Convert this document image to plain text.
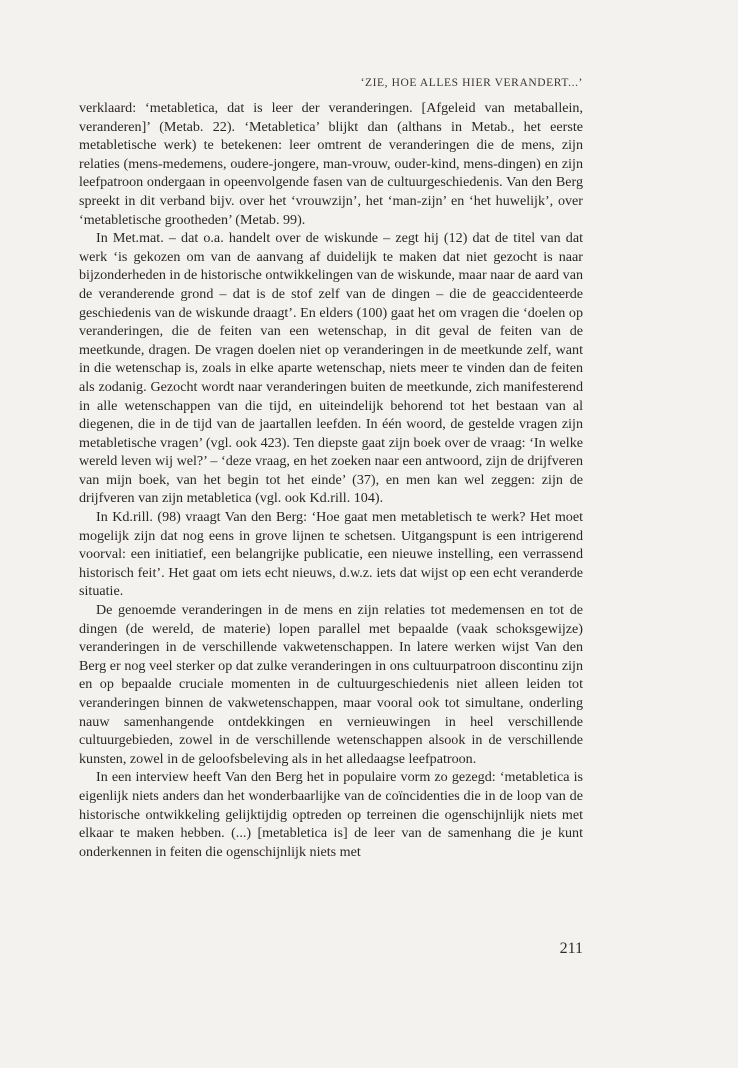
‘ZIE, HOE ALLES HIER VERANDERT...’

verklaard: ‘metabletica, dat is leer der veranderingen. [Afgeleid van metaballein, veranderen]’ (Metab. 22). ‘Metabletica’ blijkt dan (althans in Metab., het eerste metabletische werk) te betekenen: leer omtrent de veranderingen die de mens, zijn relaties (mens-medemens, oudere-jongere, man-vrouw, ouder-kind, mens-dingen) en zijn leefpatroon ondergaan in opeenvolgende fasen van de cultuurgeschiedenis. Van den Berg spreekt in dit verband bijv. over het ‘vrouwzijn’, het ‘man-zijn’ en ‘het huwelijk’, over ‘metabletische grootheden’ (Metab. 99).

In Met.mat. – dat o.a. handelt over de wiskunde – zegt hij (12) dat de titel van dat werk ‘is gekozen om van de aanvang af duidelijk te maken dat niet gezocht is naar bijzonderheden in de historische ontwikkelingen van de wiskunde, maar naar de aard van de veranderende grond – dat is de stof zelf van de dingen – die de geaccidenteerde geschiedenis van de wiskunde draagt’. En elders (100) gaat het om vragen die ‘doelen op veranderingen, die de feiten van een wetenschap, in dit geval de feiten van de meetkunde, dragen. De vragen doelen niet op veranderingen in de meetkunde zelf, want in die wetenschap is, zoals in elke aparte wetenschap, niets meer te vinden dan de feiten als zodanig. Gezocht wordt naar veranderingen buiten de meetkunde, zich manifesterend in alle wetenschappen van die tijd, en uiteindelijk behorend tot het bestaan van al diegenen, die in de tijd van de jaartallen leefden. In één woord, de gestelde vragen zijn metabletische vragen’ (vgl. ook 423). Ten diepste gaat zijn boek over de vraag: ‘In welke wereld leven wij wel?’ – ‘deze vraag, en het zoeken naar een antwoord, zijn de drijfveren van mijn boek, van het begin tot het einde’ (37), en men kan wel zeggen: zijn de drijfveren van zijn metabletica (vgl. ook Kd.rill. 104).

In Kd.rill. (98) vraagt Van den Berg: ‘Hoe gaat men metabletisch te werk? Het moet mogelijk zijn dat nog eens in grove lijnen te schetsen. Uitgangspunt is een intrigerend voorval: een initiatief, een belangrijke publicatie, een nieuwe instelling, een verrassend historisch feit’. Het gaat om iets echt nieuws, d.w.z. iets dat wijst op een echt veranderde situatie.

De genoemde veranderingen in de mens en zijn relaties tot medemensen en tot de dingen (de wereld, de materie) lopen parallel met bepaalde (vaak schoksgewijze) veranderingen in de verschillende vakwetenschappen. In latere werken wijst Van den Berg er nog veel sterker op dat zulke veranderingen in ons cultuurpatroon discontinu zijn en op bepaalde cruciale momenten in de cultuurgeschiedenis niet alleen leiden tot veranderingen binnen de vakwetenschappen, maar vooral ook tot simultane, onderling nauw samenhangende ontdekkingen en vernieuwingen in heel verschillende cultuurgebieden, zowel in de verschillende wetenschappen alsook in de verschillende kunsten, zowel in de geloofsbeleving als in het alledaagse leefpatroon.

In een interview heeft Van den Berg het in populaire vorm zo gezegd: ‘metabletica is eigenlijk niets anders dan het wonderbaarlijke van de coïncidenties die in de loop van de historische ontwikkeling gelijktijdig optreden op terreinen die ogenschijnlijk niets met elkaar te maken hebben. (...) [metabletica is] de leer van de samenhang die je kunt onderkennen in feiten die ogenschijnlijk niets met

211
